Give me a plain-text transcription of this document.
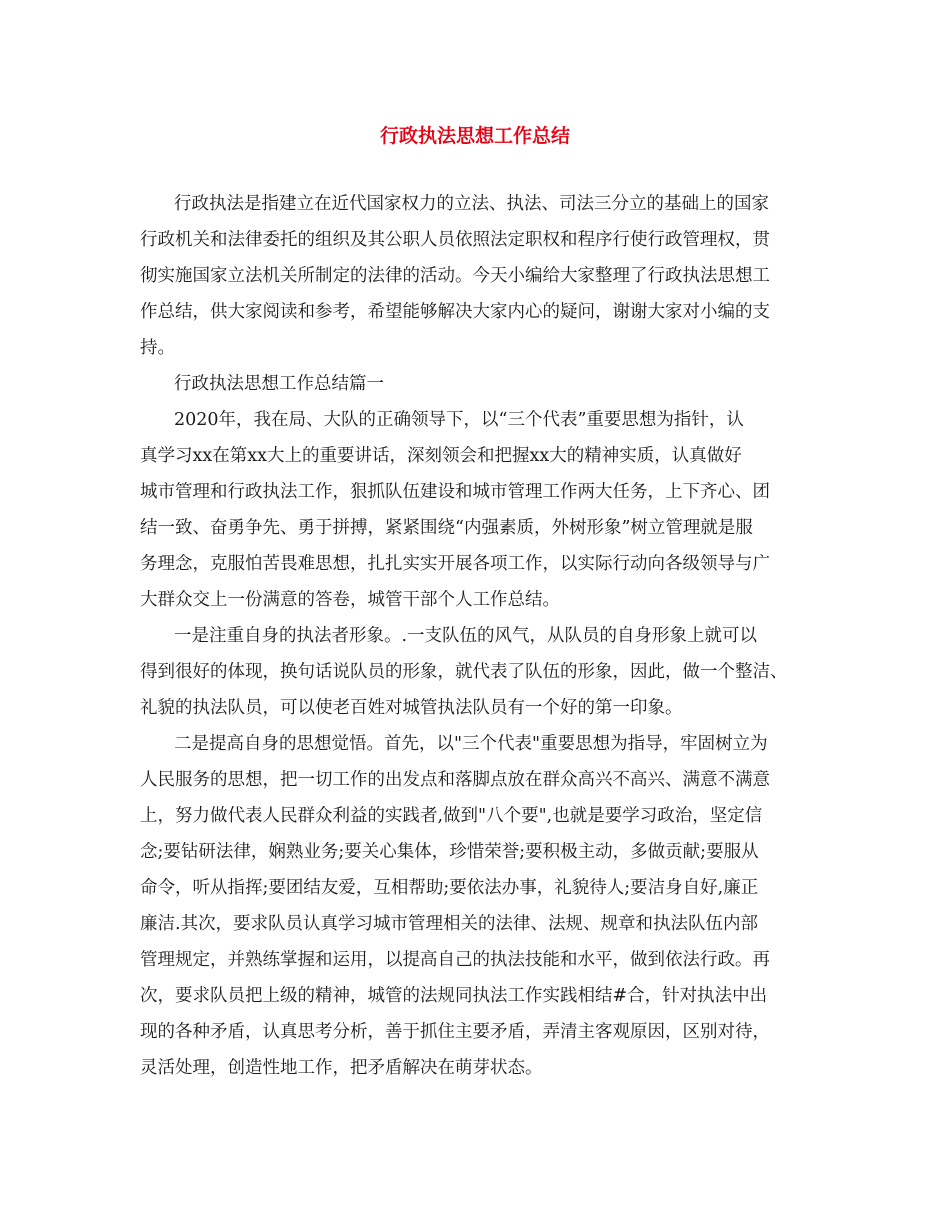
行政执法思想工作总结
行政执法是指建立在近代国家权力的立法、执法、司法三分立的基础上的国家
行政机关和法律委托的组织及其公职人员依照法定职权和程序行使行政管理权，贯
彻实施国家立法机关所制定的法律的活动。今天小编给大家整理了行政执法思想工
作总结，供大家阅读和参考，希望能够解决大家内心的疑问，谢谢大家对小编的支
持。
行政执法思想工作总结篇一
2020年，我在局、大队的正确领导下，以“三个代表”重要思想为指针，认
真学习xx在第xx大上的重要讲话，深刻领会和把握xx大的精神实质，认真做好
城市管理和行政执法工作，狠抓队伍建设和城市管理工作两大任务，上下齐心、团
结一致、奋勇争先、勇于拼搏，紧紧围绕“内强素质，外树形象”树立管理就是服
务理念，克服怕苦畏难思想，扎扎实实开展各项工作，以实际行动向各级领导与广
大群众交上一份满意的答卷，城管干部个人工作总结。
一是注重自身的执法者形象。.一支队伍的风气，从队员的自身形象上就可以
得到很好的体现，换句话说队员的形象，就代表了队伍的形象，因此，做一个整洁、
礼貌的执法队员，可以使老百姓对城管执法队员有一个好的第一印象。
二是提高自身的思想觉悟。首先，以"三个代表"重要思想为指导，牢固树立为
人民服务的思想，把一切工作的出发点和落脚点放在群众高兴不高兴、满意不满意
上，努力做代表人民群众利益的实践者,做到"八个要",也就是要学习政治，坚定信
念;要钻研法律，娴熟业务;要关心集体，珍惜荣誉;要积极主动，多做贡献;要服从
命令，听从指挥;要团结友爱，互相帮助;要依法办事，礼貌待人;要洁身自好,廉正
廉洁.其次，要求队员认真学习城市管理相关的法律、法规、规章和执法队伍内部
管理规定，并熟练掌握和运用，以提高自己的执法技能和水平，做到依法行政。再
次，要求队员把上级的精神，城管的法规同执法工作实践相结#合，针对执法中出
现的各种矛盾，认真思考分析，善于抓住主要矛盾，弄清主客观原因，区别对待，
灵活处理，创造性地工作，把矛盾解决在萌芽状态。
